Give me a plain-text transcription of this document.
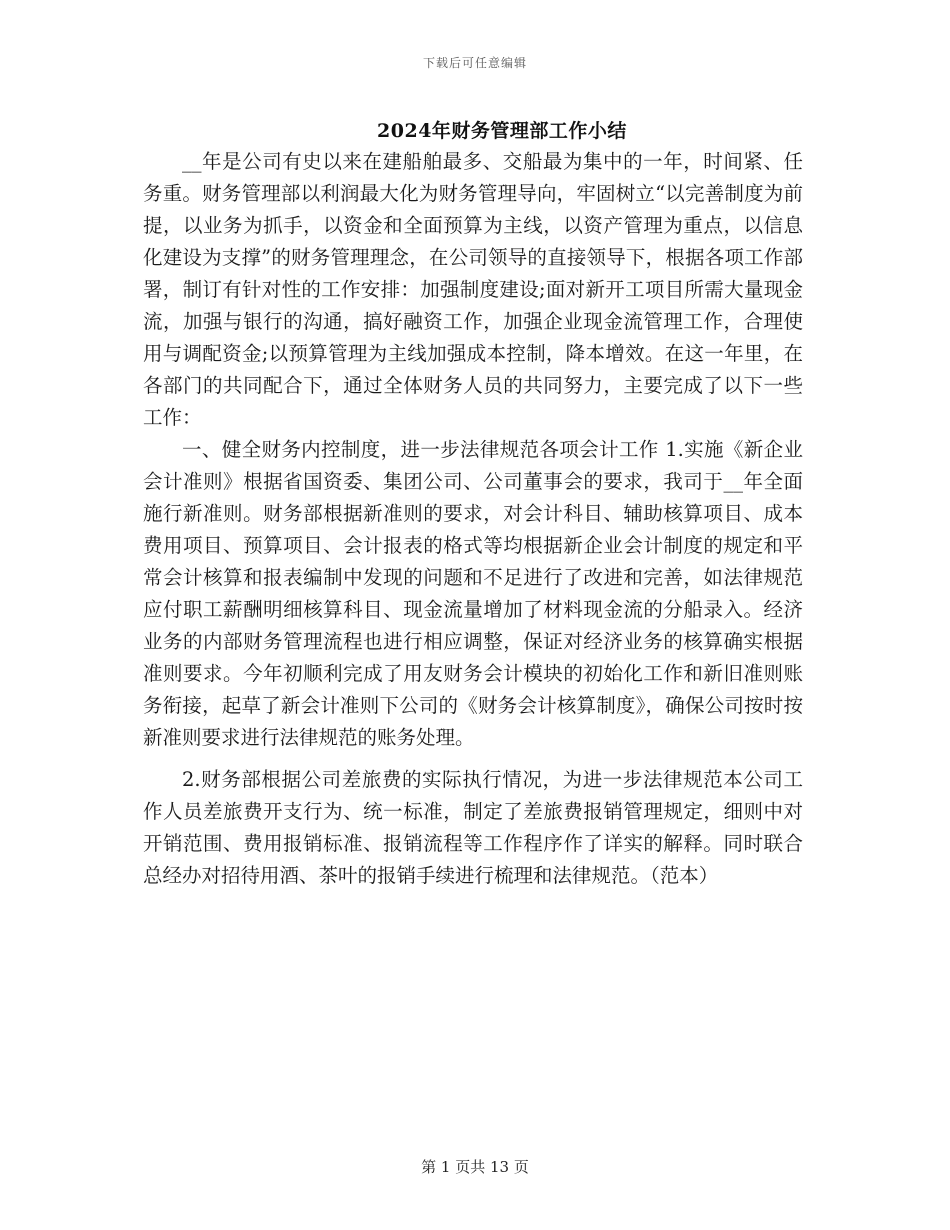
下载后可任意编辑
2024年财务管理部工作小结

__年是公司有史以来在建船舶最多、交船最为集中的一年，时间紧、任务重。财务管理部以利润最大化为财务管理导向，牢固树立“以完善制度为前提，以业务为抓手，以资金和全面预算为主线，以资产管理为重点，以信息化建设为支撑”的财务管理理念，在公司领导的直接领导下，根据各项工作部署，制订有针对性的工作安排：加强制度建设;面对新开工项目所需大量现金流，加强与银行的沟通，搞好融资工作，加强企业现金流管理工作，合理使用与调配资金;以预算管理为主线加强成本控制，降本增效。在这一年里，在各部门的共同配合下，通过全体财务人员的共同努力，主要完成了以下一些工作：

一、健全财务内控制度，进一步法律规范各项会计工作 1.实施《新企业会计准则》根据省国资委、集团公司、公司董事会的要求，我司于__年全面施行新准则。财务部根据新准则的要求，对会计科目、辅助核算项目、成本费用项目、预算项目、会计报表的格式等均根据新企业会计制度的规定和平常会计核算和报表编制中发现的问题和不足进行了改进和完善，如法律规范应付职工薪酬明细核算科目、现金流量增加了材料现金流的分船录入。经济业务的内部财务管理流程也进行相应调整，保证对经济业务的核算确实根据准则要求。今年初顺利完成了用友财务会计模块的初始化工作和新旧准则账务衔接，起草了新会计准则下公司的《财务会计核算制度》，确保公司按时按新准则要求进行法律规范的账务处理。

2.财务部根据公司差旅费的实际执行情况，为进一步法律规范本公司工作人员差旅费开支行为、统一标准，制定了差旅费报销管理规定，细则中对开销范围、费用报销标准、报销流程等工作程序作了详实的解释。同时联合总经办对招待用酒、茶叶的报销手续进行梳理和法律规范。（范本）

第 1 页共 13 页
